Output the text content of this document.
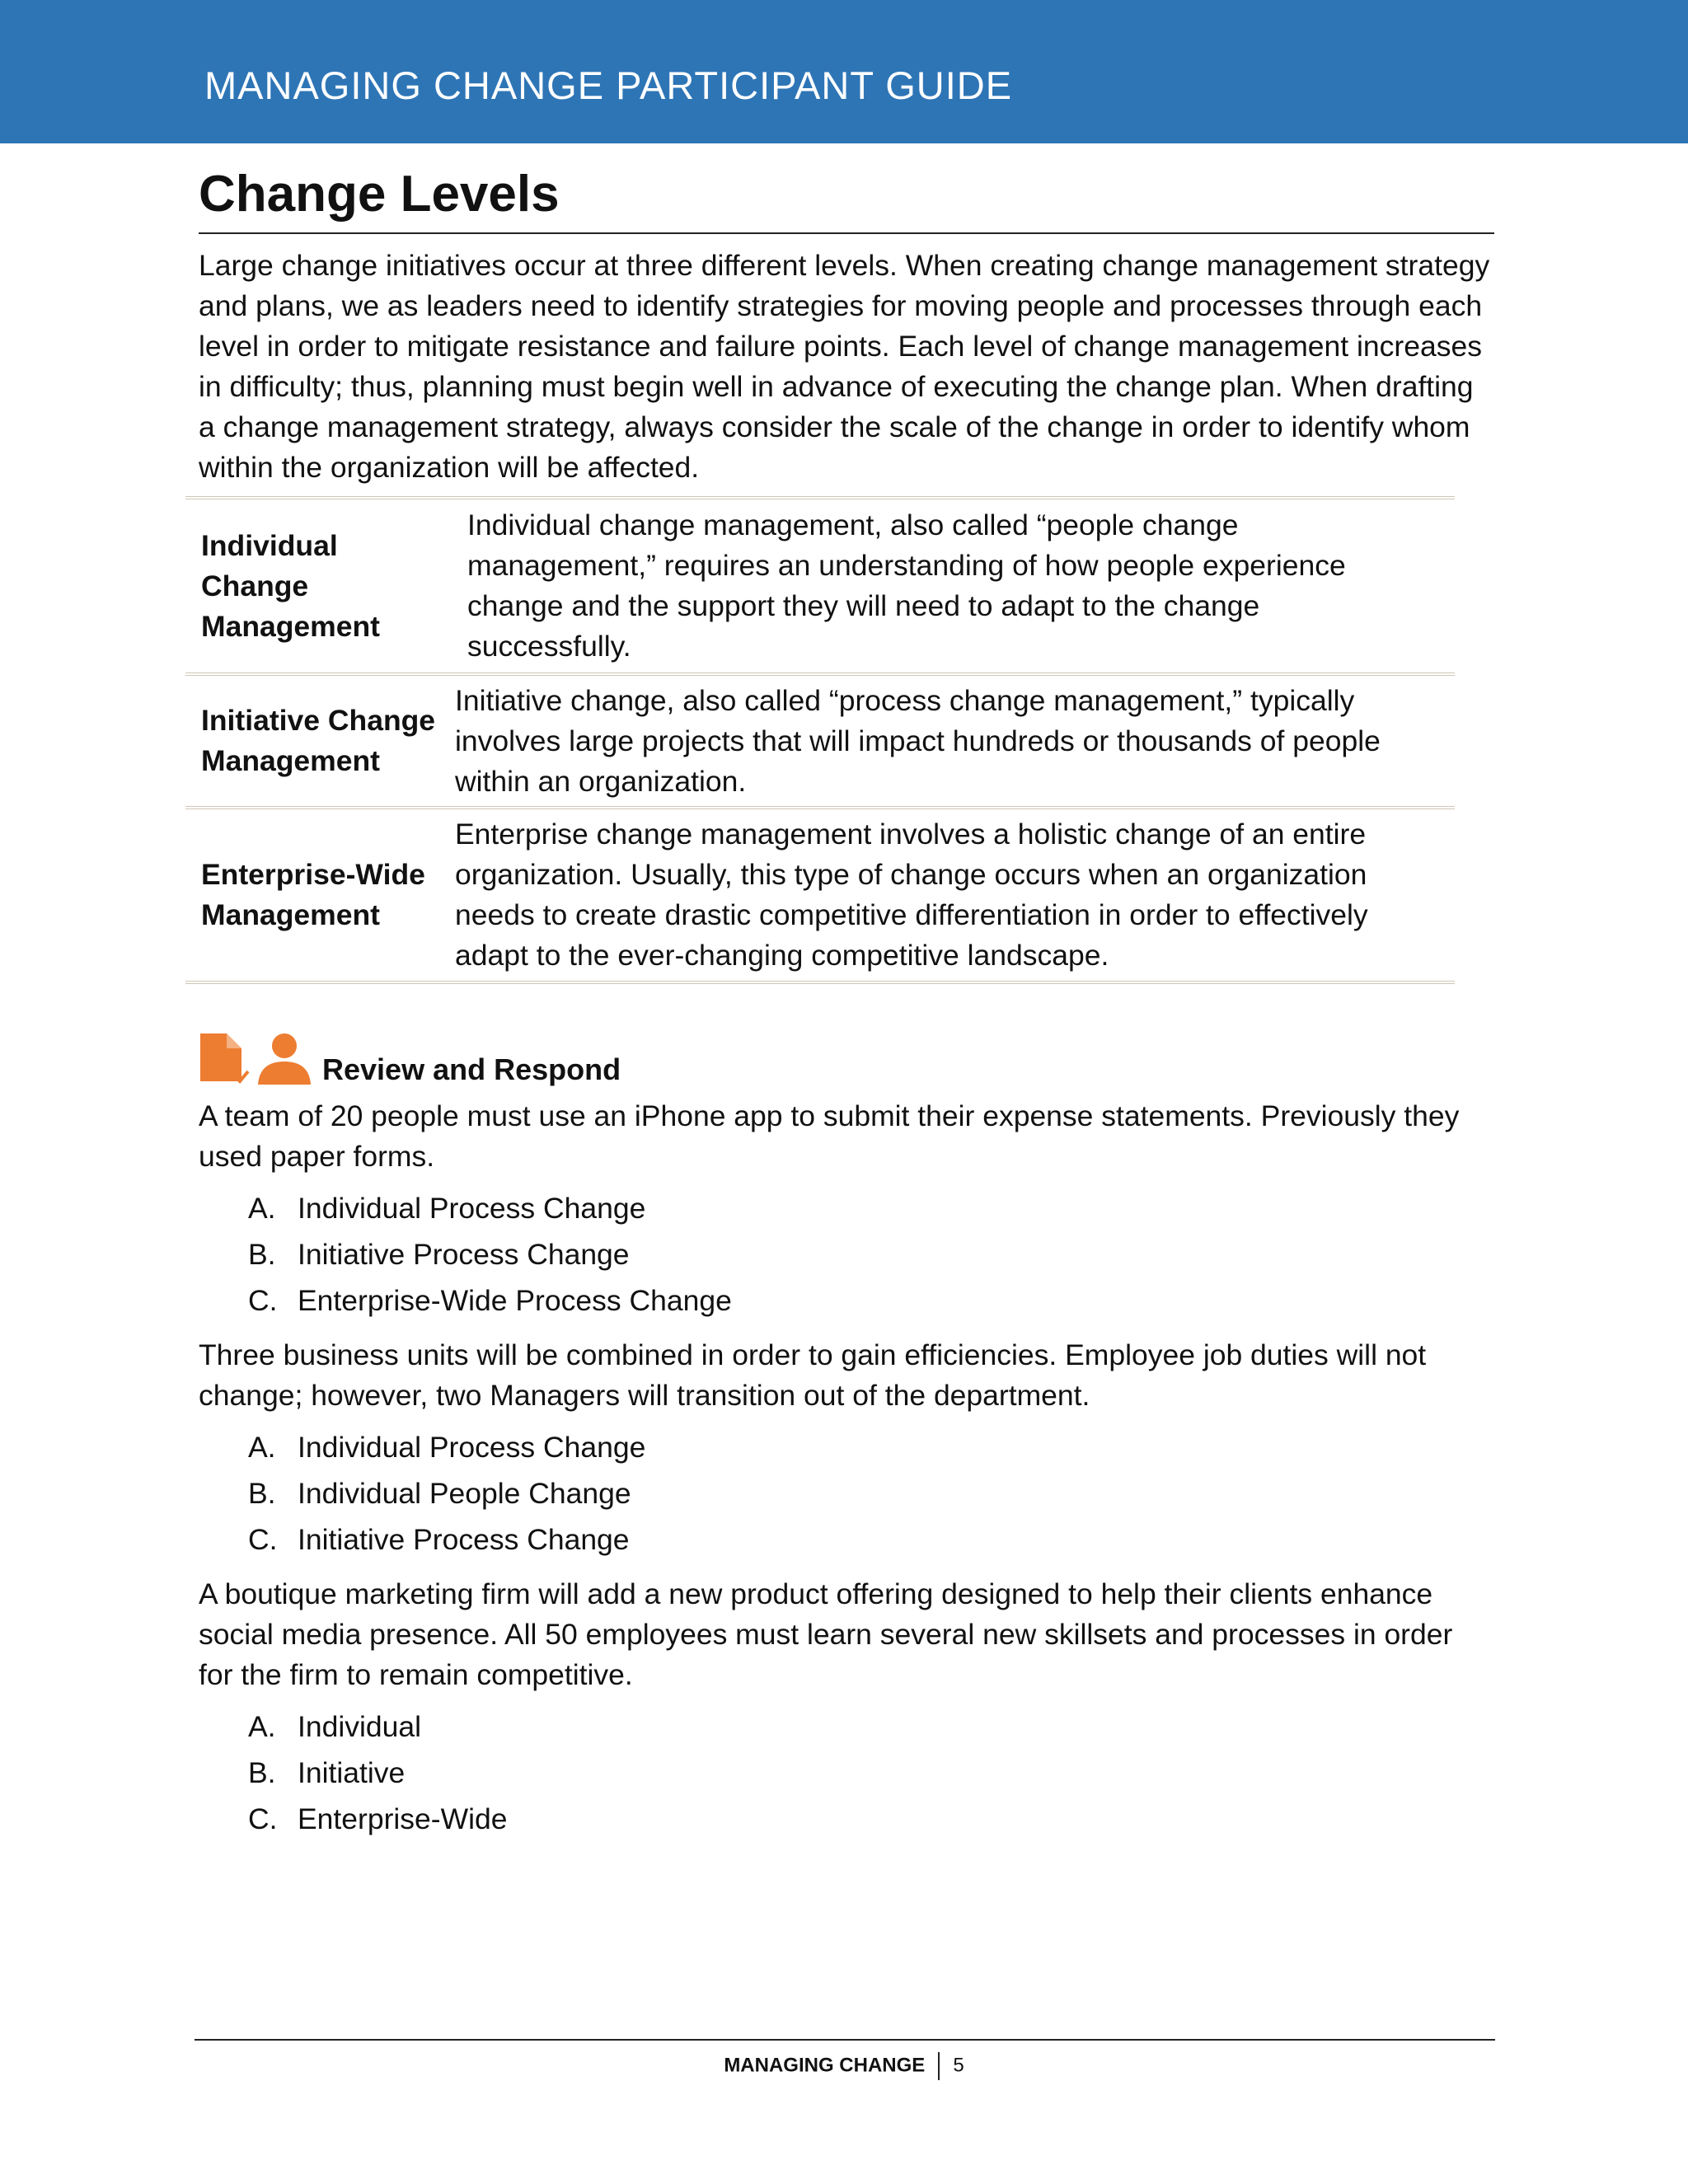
MANAGING CHANGE PARTICIPANT GUIDE
Change Levels

Large change initiatives occur at three different levels. When creating change management strategy and plans, we as leaders need to identify strategies for moving people and processes through each level in order to mitigate resistance and failure points. Each level of change management increases in difficulty; thus, planning must begin well in advance of executing the change plan. When drafting a change management strategy, always consider the scale of the change in order to identify whom within the organization will be affected.

Individual Change Management
Individual change management, also called “people change management,” requires an understanding of how people experience change and the support they will need to adapt to the change successfully.
Initiative Change Management
Initiative change, also called “process change management,” typically involves large projects that will impact hundreds or thousands of people within an organization.
Enterprise-Wide Management
Enterprise change management involves a holistic change of an entire organization. Usually, this type of change occurs when an organization needs to create drastic competitive differentiation in order to effectively adapt to the ever-changing competitive landscape.
Review and Respond

A team of 20 people must use an iPhone app to submit their expense statements. Previously they used paper forms.

A. Individual Process Change
B. Initiative Process Change
C. Enterprise-Wide Process Change

Three business units will be combined in order to gain efficiencies. Employee job duties will not change; however, two Managers will transition out of the department.

A. Individual Process Change
B. Individual People Change
C. Initiative Process Change

A boutique marketing firm will add a new product offering designed to help their clients enhance social media presence. All 50 employees must learn several new skillsets and processes in order for the firm to remain competitive.

A. Individual
B. Initiative
C. Enterprise-Wide
MANAGING CHANGE 5
